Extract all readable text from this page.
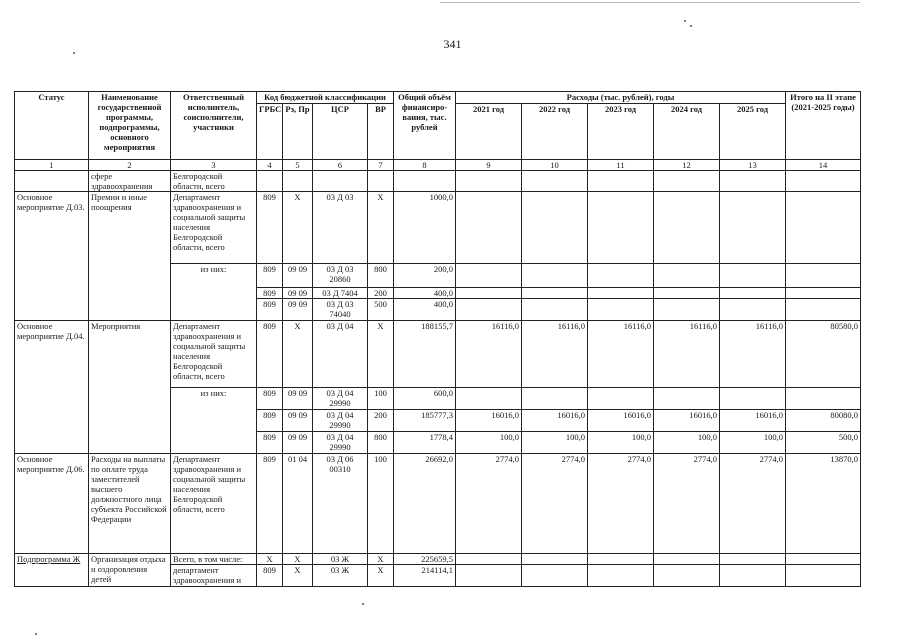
341
Статус	Наименование государственной программы, подпрограммы, основного мероприятия	Ответственный исполнитель, соисполнители, участники	Код бюджетной классификации				Общий объём финансиро-вания, тыс. рублей	Расходы (тыс. рублей), годы					Итого на II этапе (2021-2025 годы)
			ГРБС	Рз, Пр	ЦСР	ВР		2021 год	2022 год	2023 год	2024 год	2025 год	
1	2	3	4	5	6	7	8	9	10	11	12	13	14
	сфере здравоохранения	Белгородской области, всего											
Основное мероприятие Д.03.	Премии и иные поощрения	Департамент здравоохранения и социальной защиты населения Белгородской области, всего	809	Х	03 Д 03	Х	1000,0						
		из них:	809	09 09	03 Д 03 20860	800	200,0						
			809	09 09	03 Д 7404	200	400,0						
			809	09 09	03 Д 03 74040	500	400,0						
Основное мероприятие Д.04.	Мероприятия	Департамент здравоохранения и социальной защиты населения Белгородской области, всего	809	Х	03 Д 04	Х	188155,7	16116,0	16116,0	16116,0	16116,0	16116,0	80580,0
		из них:	809	09 09	03 Д 04 29990	100	600,0						
			809	09 09	03 Д 04 29990	200	185777,3	16016,0	16016,0	16016,0	16016,0	16016,0	80080,0
			809	09 09	03 Д 04 29990	800	1778,4	100,0	100,0	100,0	100,0	100,0	500,0
Основное мероприятие Д.06.	Расходы на выплаты по оплате труда заместителей высшего должностного лица субъекта Российской Федерации	Департамент здравоохранения и социальной защиты населения Белгородской области, всего	809	01 04	03 Д 06 00310	100	26692,0	2774,0	2774,0	2774,0	2774,0	2774,0	13870,0
Подпрограмма Ж	Организация отдыха и оздоровления детей	Всего, в том числе:	Х	Х	03 Ж	Х	225659,5						
		департамент здравоохранения и	809	Х	03 Ж	Х	214114,1						
